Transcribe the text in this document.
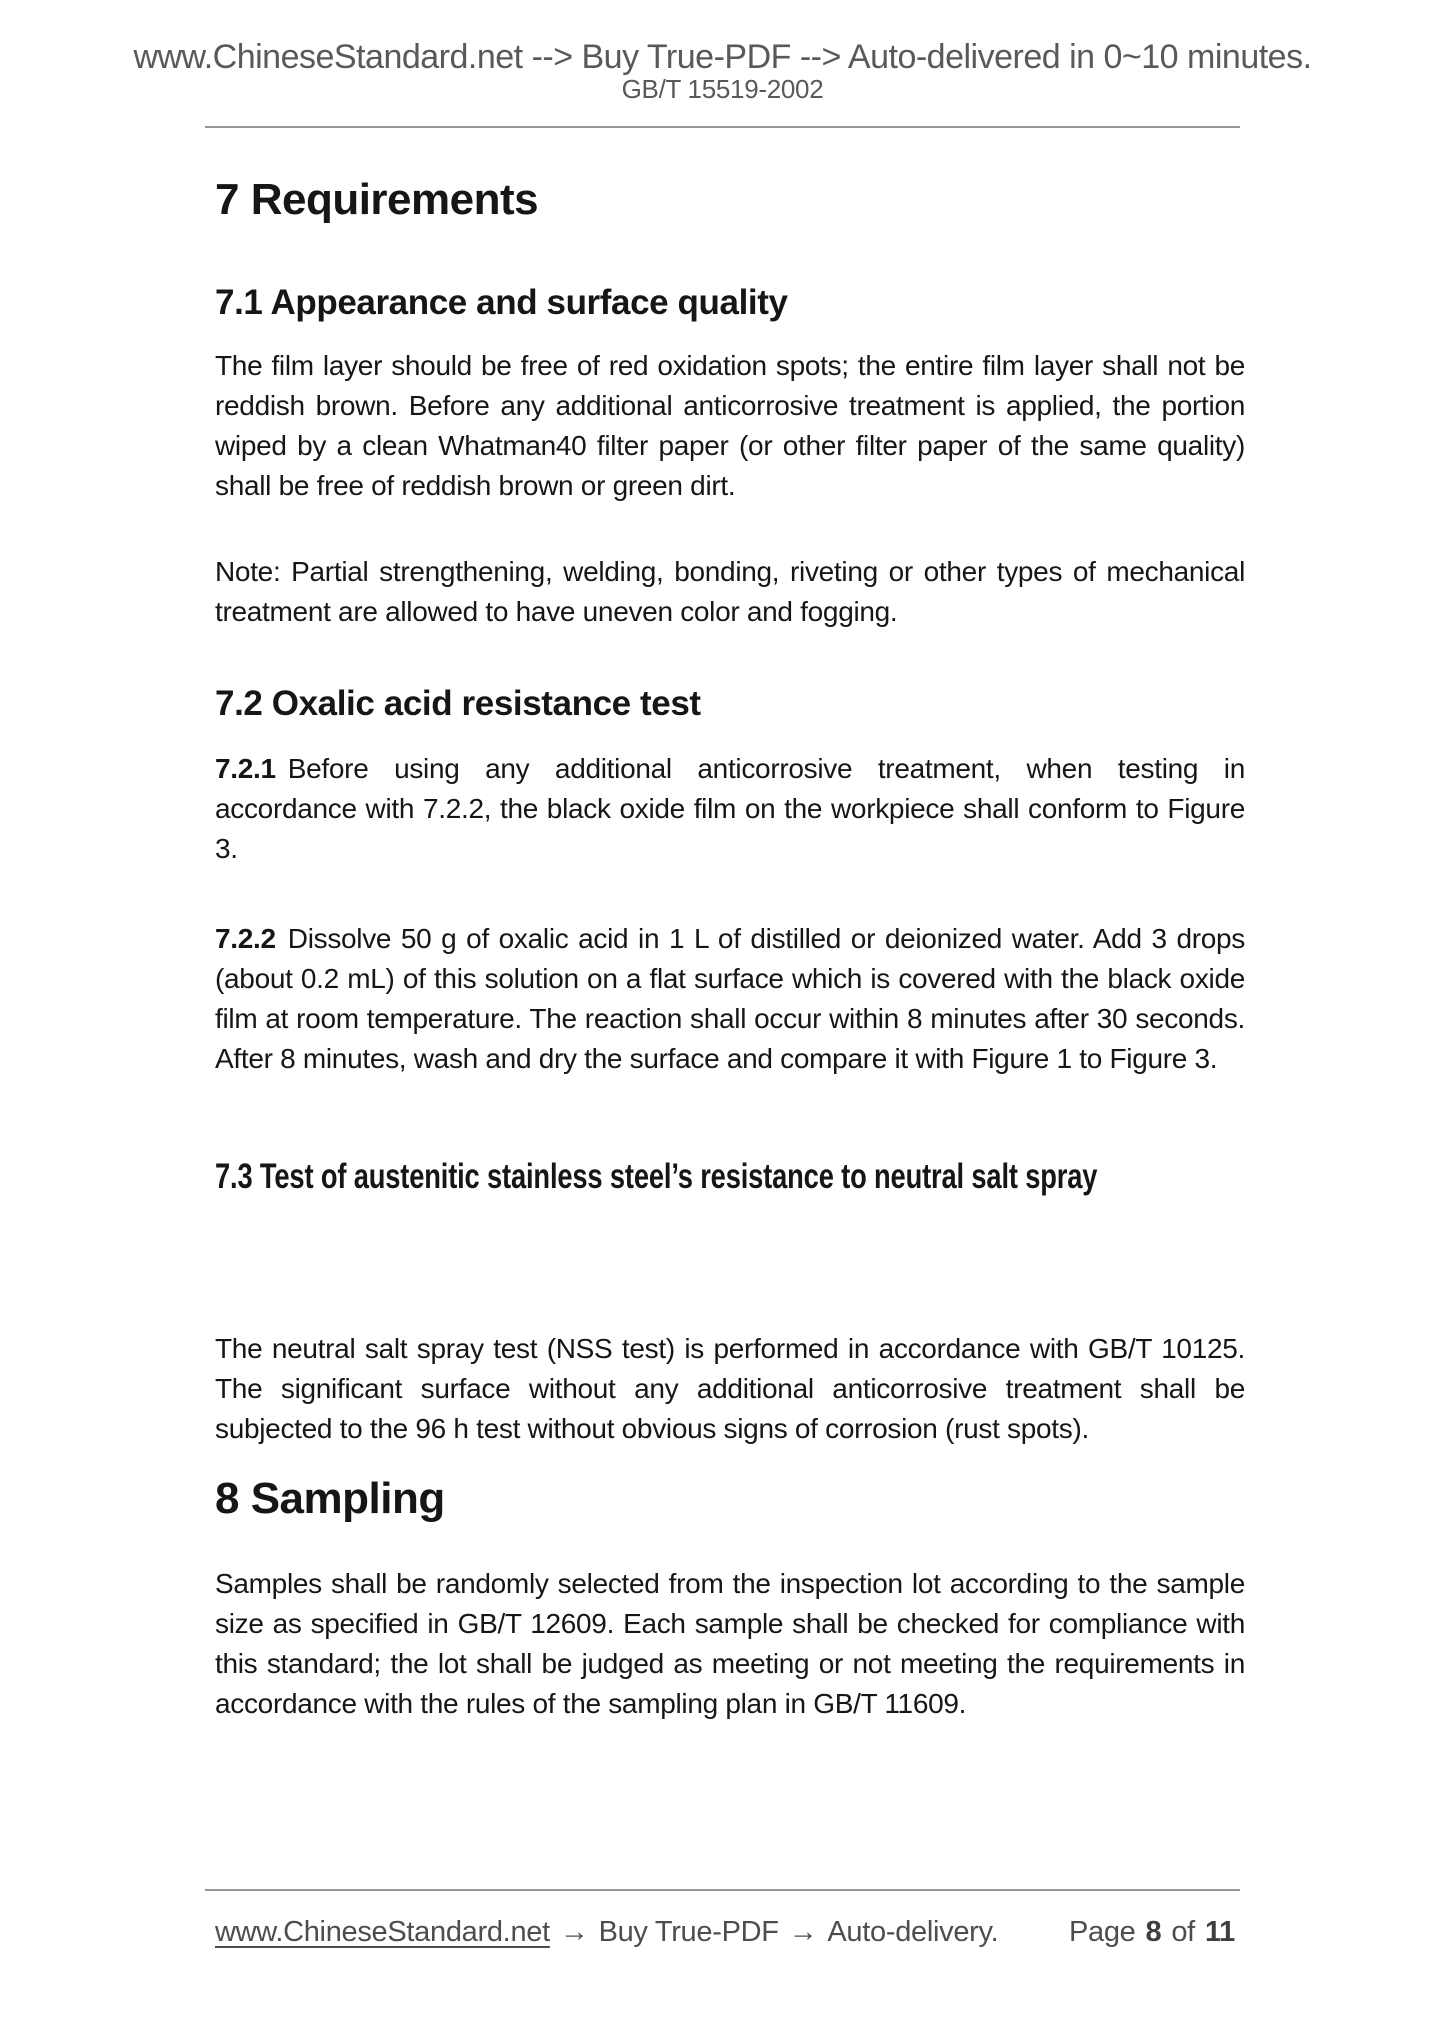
www.ChineseStandard.net --> Buy True-PDF --> Auto-delivered in 0~10 minutes.
GB/T 15519-2002
7 Requirements
7.1 Appearance and surface quality
The film layer should be free of red oxidation spots; the entire film layer shall not be reddish brown. Before any additional anticorrosive treatment is applied, the portion wiped by a clean Whatman40 filter paper (or other filter paper of the same quality) shall be free of reddish brown or green dirt.
Note: Partial strengthening, welding, bonding, riveting or other types of mechanical treatment are allowed to have uneven color and fogging.
7.2 Oxalic acid resistance test
7.2.1 Before using any additional anticorrosive treatment, when testing in accordance with 7.2.2, the black oxide film on the workpiece shall conform to Figure 3.
7.2.2 Dissolve 50 g of oxalic acid in 1 L of distilled or deionized water. Add 3 drops (about 0.2 mL) of this solution on a flat surface which is covered with the black oxide film at room temperature. The reaction shall occur within 8 minutes after 30 seconds. After 8 minutes, wash and dry the surface and compare it with Figure 1 to Figure 3.
7.3 Test of austenitic stainless steel’s resistance to neutral salt spray
The neutral salt spray test (NSS test) is performed in accordance with GB/T 10125. The significant surface without any additional anticorrosive treatment shall be subjected to the 96 h test without obvious signs of corrosion (rust spots).
8 Sampling
Samples shall be randomly selected from the inspection lot according to the sample size as specified in GB/T 12609. Each sample shall be checked for compliance with this standard; the lot shall be judged as meeting or not meeting the requirements in accordance with the rules of the sampling plan in GB/T 11609.
www.ChineseStandard.net → Buy True-PDF → Auto-delivery. Page 8 of 11
